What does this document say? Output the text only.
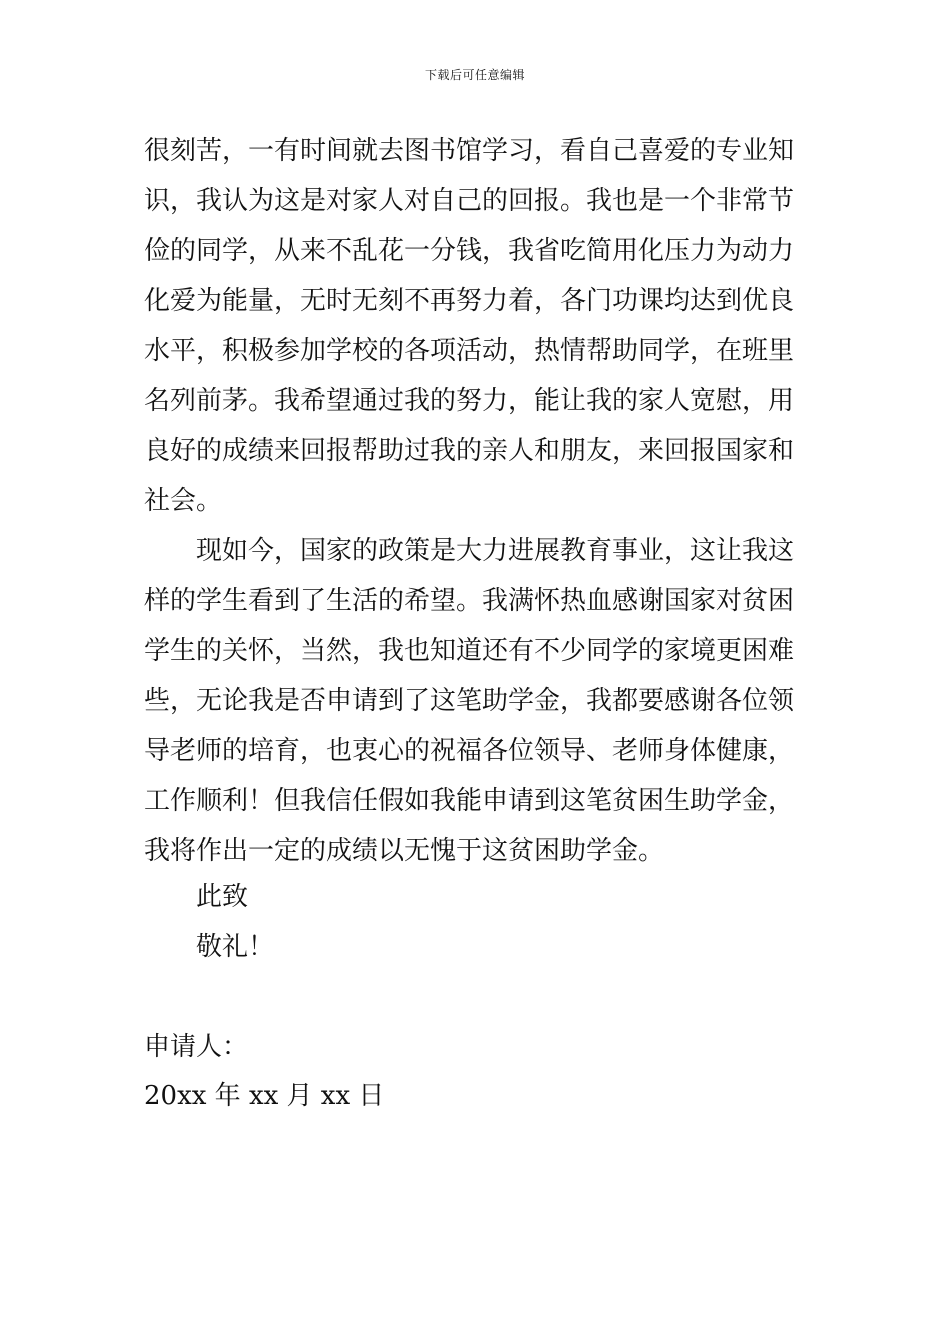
下载后可任意编辑
很刻苦，一有时间就去图书馆学习，看自己喜爱的专业知
识，我认为这是对家人对自己的回报。我也是一个非常节
俭的同学，从来不乱花一分钱，我省吃简用化压力为动力
化爱为能量，无时无刻不再努力着，各门功课均达到优良
水平，积极参加学校的各项活动，热情帮助同学，在班里
名列前茅。我希望通过我的努力，能让我的家人宽慰，用
良好的成绩来回报帮助过我的亲人和朋友，来回报国家和
社会。
现如今，国家的政策是大力进展教育事业，这让我这
样的学生看到了生活的希望。我满怀热血感谢国家对贫困
学生的关怀，当然，我也知道还有不少同学的家境更困难
些，无论我是否申请到了这笔助学金，我都要感谢各位领
导老师的培育，也衷心的祝福各位领导、老师身体健康，
工作顺利！但我信任假如我能申请到这笔贫困生助学金，
我将作出一定的成绩以无愧于这贫困助学金。
此致
敬礼！
申请人：
20xx 年 xx 月 xx 日
